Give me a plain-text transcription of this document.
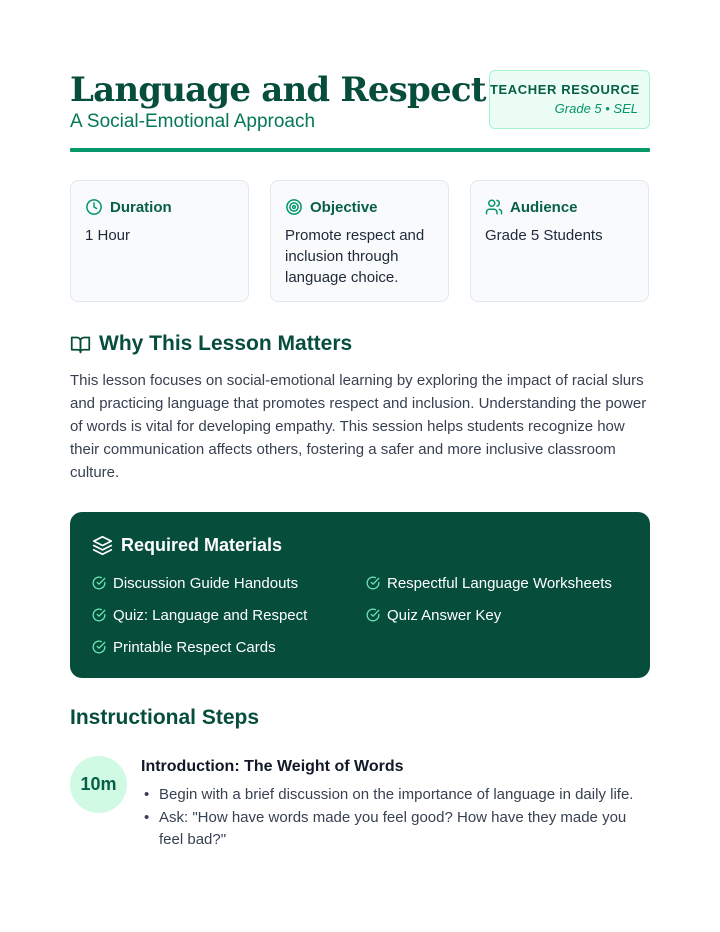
Language and Respect
A Social-Emotional Approach
TEACHER RESOURCE
Grade 5 • SEL
Duration
1 Hour
Objective
Promote respect and inclusion through language choice.
Audience
Grade 5 Students
Why This Lesson Matters

This lesson focuses on social-emotional learning by exploring the impact of racial slurs and practicing language that promotes respect and inclusion. Understanding the power of words is vital for developing empathy. This session helps students recognize how their communication affects others, fostering a safer and more inclusive classroom culture.

Required Materials
Discussion Guide Handouts	Respectful Language Worksheets
Quiz: Language and Respect	Quiz Answer Key
Printable Respect Cards
Instructional Steps
10m
Introduction: The Weight of Words
• Begin with a brief discussion on the importance of language in daily life.
• Ask: "How have words made you feel good? How have they made you feel bad?"
